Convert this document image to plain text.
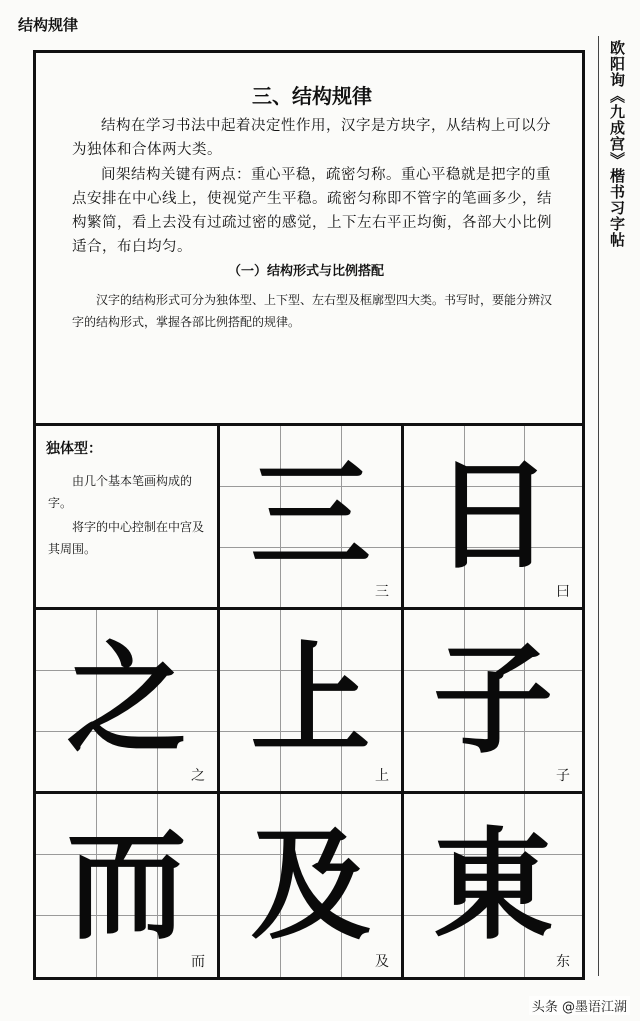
结构规律
欧阳询《九成宫》楷书习字帖
三、结构规律

结构在学习书法中起着决定性作用，汉字是方块字，从结构上可以分为独体和合体两大类。

间架结构关键有两点：重心平稳，疏密匀称。重心平稳就是把字的重点安排在中心线上，使视觉产生平稳。疏密匀称即不管字的笔画多少，结构繁简，看上去没有过疏过密的感觉，上下左右平正均衡，各部大小比例适合，布白均匀。

（一）结构形式与比例搭配

汉字的结构形式可分为独体型、上下型、左右型及框廓型四大类。书写时，要能分辨汉字的结构形式，掌握各部比例搭配的规律。

独体型：

由几个基本笔画构成的字。

将字的中心控制在中宫及其周围。	三
三
日
曰
之
之
上
上
子
子
而
而
及
及
東
东
头条 @墨语江湖
